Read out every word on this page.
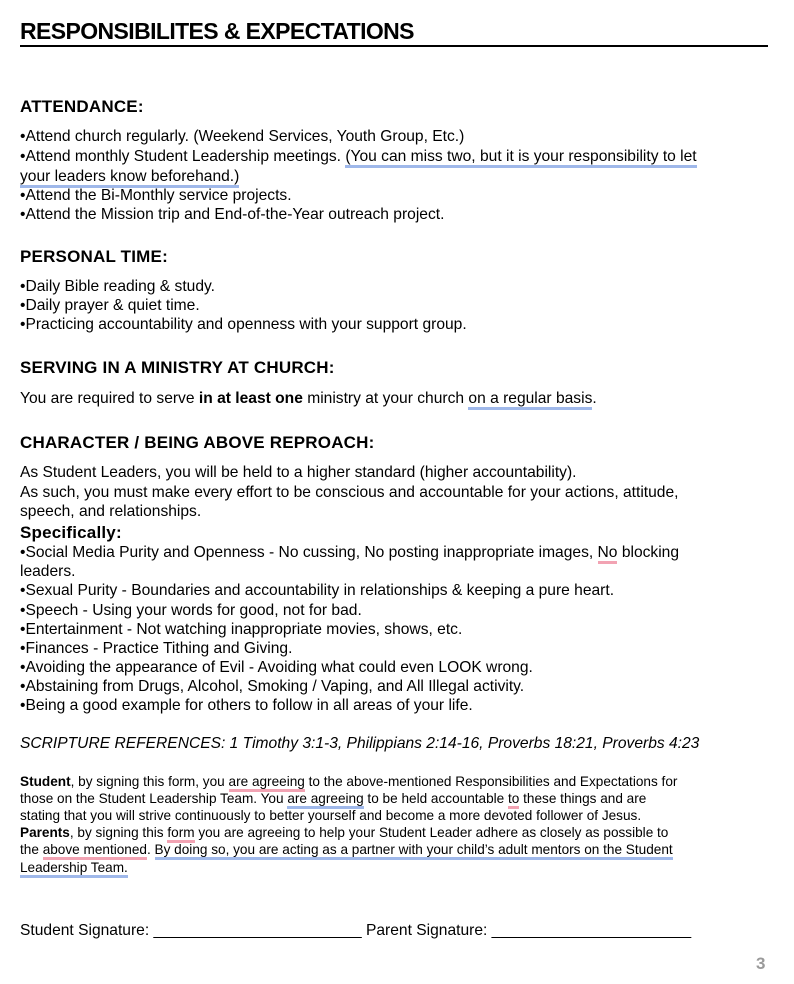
RESPONSIBILITES & EXPECTATIONS
ATTENDANCE:
•Attend church regularly. (Weekend Services, Youth Group, Etc.)
•Attend monthly Student Leadership meetings. (You can miss two, but it is your responsibility to let
your leaders know beforehand.)
•Attend the Bi-Monthly service projects.
•Attend the Mission trip and End-of-the-Year outreach project.
PERSONAL TIME:
•Daily Bible reading & study.
•Daily prayer & quiet time.
•Practicing accountability and openness with your support group.
SERVING IN A MINISTRY AT CHURCH:
You are required to serve in at least one ministry at your church on a regular basis.
CHARACTER / BEING ABOVE REPROACH:
As Student Leaders, you will be held to a higher standard (higher accountability).
As such, you must make every effort to be conscious and accountable for your actions, attitude,
speech, and relationships.
Specifically:
•Social Media Purity and Openness - No cussing, No posting inappropriate images, No blocking
leaders.
•Sexual Purity - Boundaries and accountability in relationships & keeping a pure heart.
•Speech - Using your words for good, not for bad.
•Entertainment - Not watching inappropriate movies, shows, etc.
•Finances - Practice Tithing and Giving.
•Avoiding the appearance of Evil - Avoiding what could even LOOK wrong.
•Abstaining from Drugs, Alcohol, Smoking / Vaping, and All Illegal activity.
•Being a good example for others to follow in all areas of your life.
SCRIPTURE REFERENCES: 1 Timothy 3:1-3, Philippians 2:14-16, Proverbs 18:21, Proverbs 4:23
Student, by signing this form, you are agreeing to the above-mentioned Responsibilities and Expectations for
those on the Student Leadership Team. You are agreeing to be held accountable to these things and are
stating that you will strive continuously to better yourself and become a more devoted follower of Jesus.
Parents, by signing this form you are agreeing to help your Student Leader adhere as closely as possible to
the above mentioned. By doing so, you are acting as a partner with your child’s adult mentors on the Student
Leadership Team.
Student Signature: ________________________ Parent Signature: _______________________
3
